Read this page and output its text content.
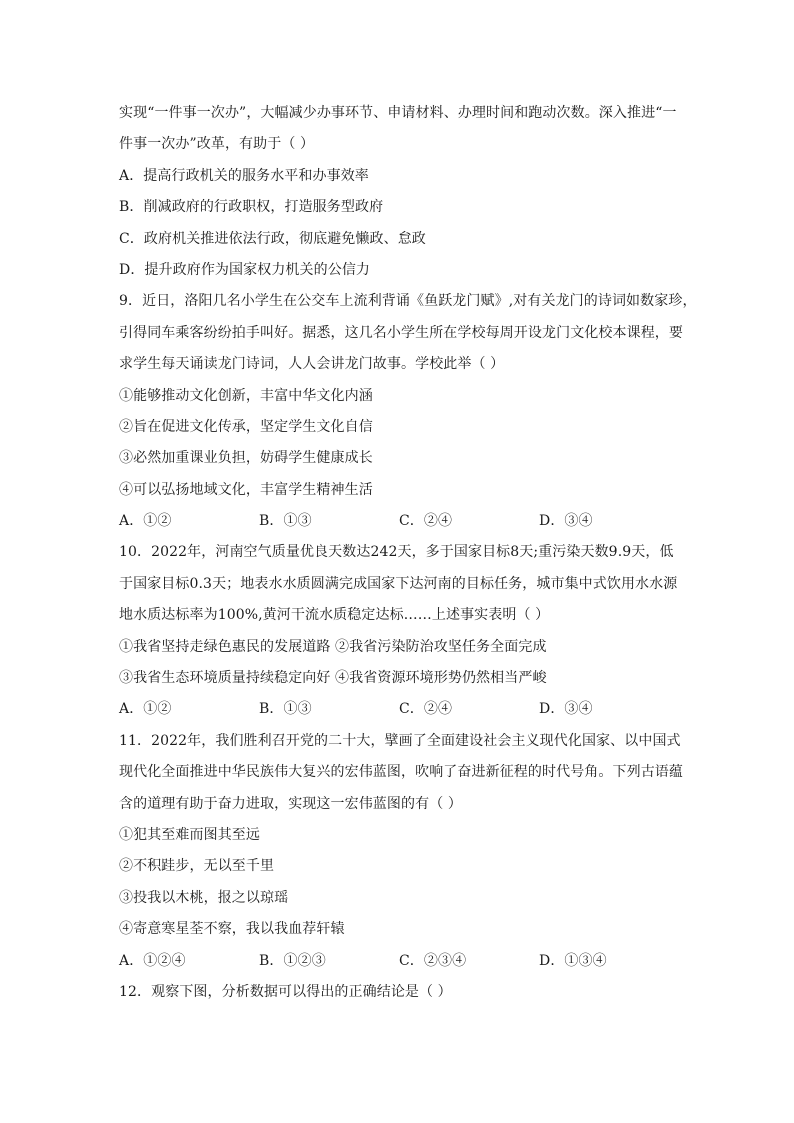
实现“一件事一次办”，大幅减少办事环节、申请材料、办理时间和跑动次数。深入推进“一
件事一次办”改革，有助于（ ）
A．提高行政机关的服务水平和办事效率
B．削减政府的行政职权，打造服务型政府
C．政府机关推进依法行政，彻底避免懒政、怠政
D．提升政府作为国家权力机关的公信力
9．近日，洛阳几名小学生在公交车上流利背诵《鱼跃龙门赋》,对有关龙门的诗词如数家珍，
引得同车乘客纷纷拍手叫好。据悉，这几名小学生所在学校每周开设龙门文化校本课程，要
求学生每天诵读龙门诗词，人人会讲龙门故事。学校此举（ ）
①能够推动文化创新，丰富中华文化内涵
②旨在促进文化传承，坚定学生文化自信
③必然加重课业负担，妨碍学生健康成长
④可以弘扬地域文化，丰富学生精神生活
A．①②	B．①③	C．②④	D．③④
10．2022年，河南空气质量优良天数达242天，多于国家目标8天;重污染天数9.9天，低
于国家目标0.3天；地表水水质圆满完成国家下达河南的目标任务，城市集中式饮用水水源
地水质达标率为100%,黄河干流水质稳定达标……上述事实表明（ ）
①我省坚持走绿色惠民的发展道路 ②我省污染防治攻坚任务全面完成
③我省生态环境质量持续稳定向好 ④我省资源环境形势仍然相当严峻
A．①②	B．①③	C．②④	D．③④
11．2022年，我们胜利召开党的二十大，擘画了全面建设社会主义现代化国家、以中国式
现代化全面推进中华民族伟大复兴的宏伟蓝图，吹响了奋进新征程的时代号角。下列古语蕴
含的道理有助于奋力进取，实现这一宏伟蓝图的有（ ）
①犯其至难而图其至远
②不积跬步，无以至千里
③投我以木桃，报之以琼瑶
④寄意寒星荃不察，我以我血荐轩辕
A．①②④	B．①②③	C．②③④	D．①③④
12．观察下图，分析数据可以得出的正确结论是（ ）
